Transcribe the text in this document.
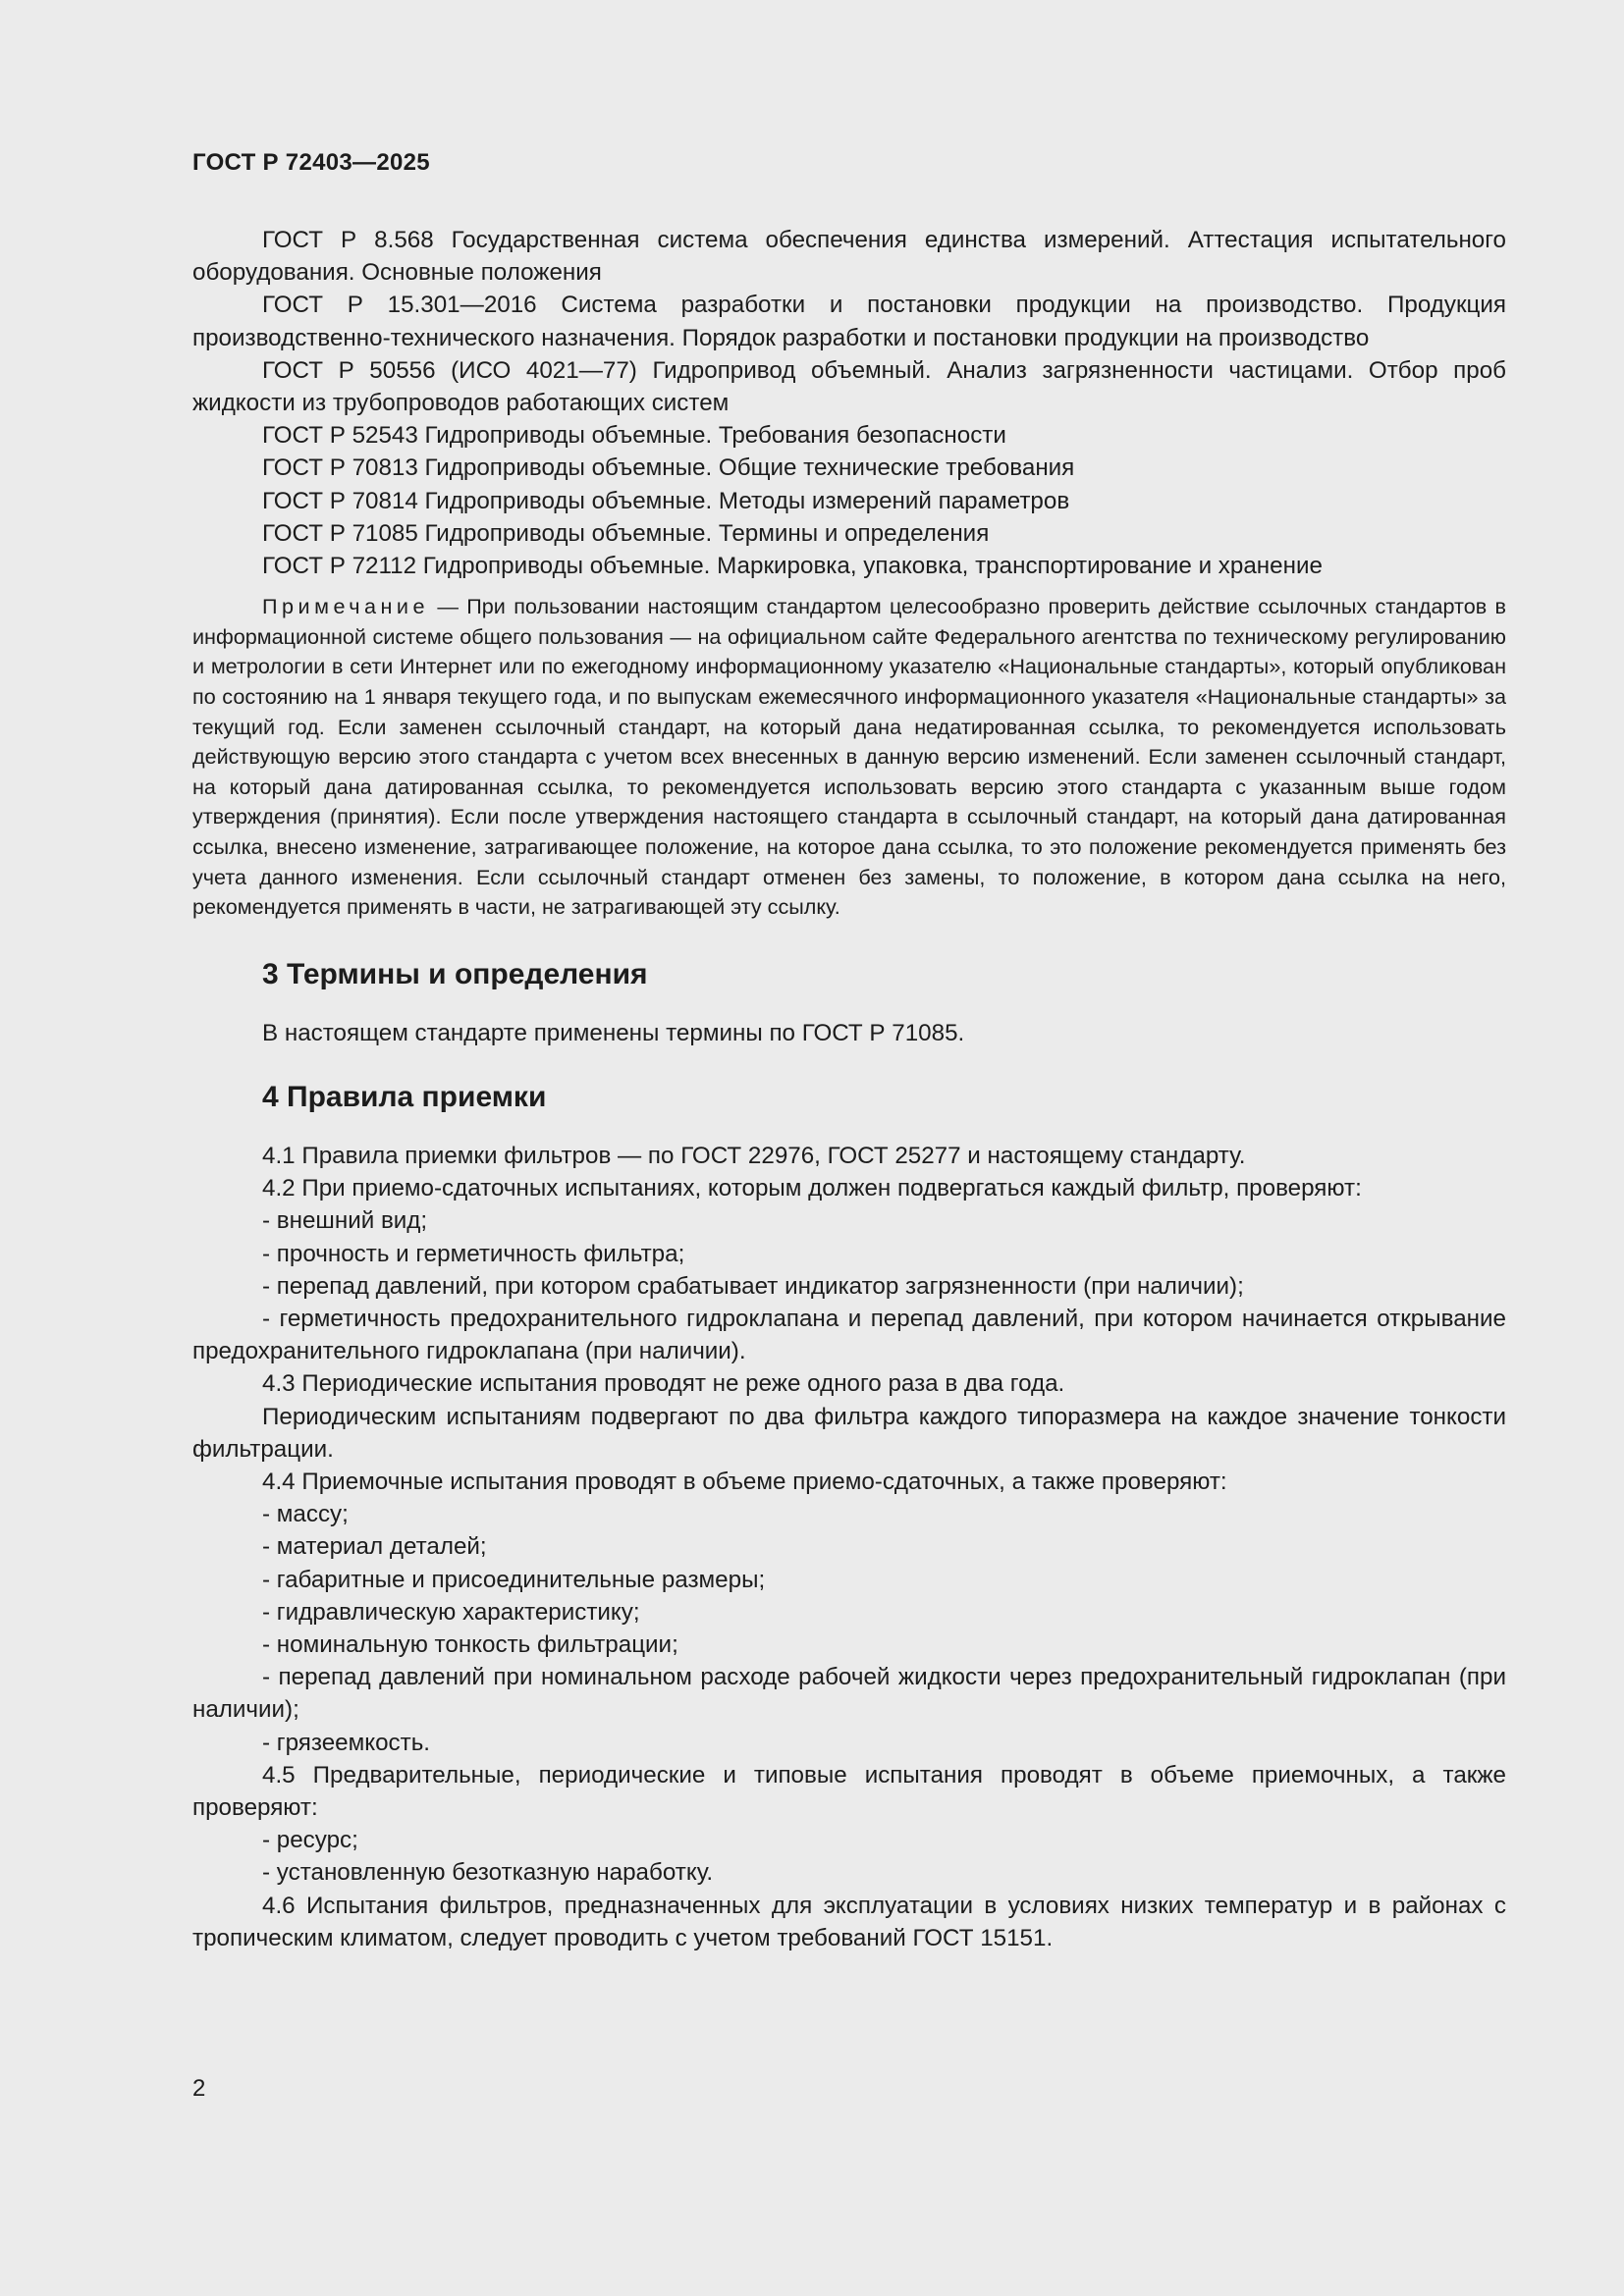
ГОСТ Р 72403—2025

ГОСТ Р 8.568 Государственная система обеспечения единства измерений. Аттестация испытательного оборудования. Основные положения

ГОСТ Р 15.301—2016 Система разработки и постановки продукции на производство. Продукция производственно-технического назначения. Порядок разработки и постановки продукции на производство

ГОСТ Р 50556 (ИСО 4021—77) Гидропривод объемный. Анализ загрязненности частицами. Отбор проб жидкости из трубопроводов работающих систем

ГОСТ Р 52543 Гидроприводы объемные. Требования безопасности

ГОСТ Р 70813 Гидроприводы объемные. Общие технические требования

ГОСТ Р 70814 Гидроприводы объемные. Методы измерений параметров

ГОСТ Р 71085 Гидроприводы объемные. Термины и определения

ГОСТ Р 72112 Гидроприводы объемные. Маркировка, упаковка, транспортирование и хранение

Примечание — При пользовании настоящим стандартом целесообразно проверить действие ссылочных стандартов в информационной системе общего пользования — на официальном сайте Федерального агентства по техническому регулированию и метрологии в сети Интернет или по ежегодному информационному указателю «Национальные стандарты», который опубликован по состоянию на 1 января текущего года, и по выпускам ежемесячного информационного указателя «Национальные стандарты» за текущий год. Если заменен ссылочный стандарт, на который дана недатированная ссылка, то рекомендуется использовать действующую версию этого стандарта с учетом всех внесенных в данную версию изменений. Если заменен ссылочный стандарт, на который дана датированная ссылка, то рекомендуется использовать версию этого стандарта с указанным выше годом утверждения (принятия). Если после утверждения настоящего стандарта в ссылочный стандарт, на который дана датированная ссылка, внесено изменение, затрагивающее положение, на которое дана ссылка, то это положение рекомендуется применять без учета данного изменения. Если ссылочный стандарт отменен без замены, то положение, в котором дана ссылка на него, рекомендуется применять в части, не затрагивающей эту ссылку.

3 Термины и определения

В настоящем стандарте применены термины по ГОСТ Р 71085.

4 Правила приемки

4.1 Правила приемки фильтров — по ГОСТ 22976, ГОСТ 25277 и настоящему стандарту.

4.2 При приемо-сдаточных испытаниях, которым должен подвергаться каждый фильтр, проверяют:

- внешний вид;

- прочность и герметичность фильтра;

- перепад давлений, при котором срабатывает индикатор загрязненности (при наличии);

- герметичность предохранительного гидроклапана и перепад давлений, при котором начинается открывание предохранительного гидроклапана (при наличии).

4.3 Периодические испытания проводят не реже одного раза в два года.

Периодическим испытаниям подвергают по два фильтра каждого типоразмера на каждое значение тонкости фильтрации.

4.4 Приемочные испытания проводят в объеме приемо-сдаточных, а также проверяют:

- массу;

- материал деталей;

- габаритные и присоединительные размеры;

- гидравлическую характеристику;

- номинальную тонкость фильтрации;

- перепад давлений при номинальном расходе рабочей жидкости через предохранительный гидроклапан (при наличии);

- грязеемкость.

4.5 Предварительные, периодические и типовые испытания проводят в объеме приемочных, а также проверяют:

- ресурс;

- установленную безотказную наработку.

4.6 Испытания фильтров, предназначенных для эксплуатации в условиях низких температур и в районах с тропическим климатом, следует проводить с учетом требований ГОСТ 15151.

2
